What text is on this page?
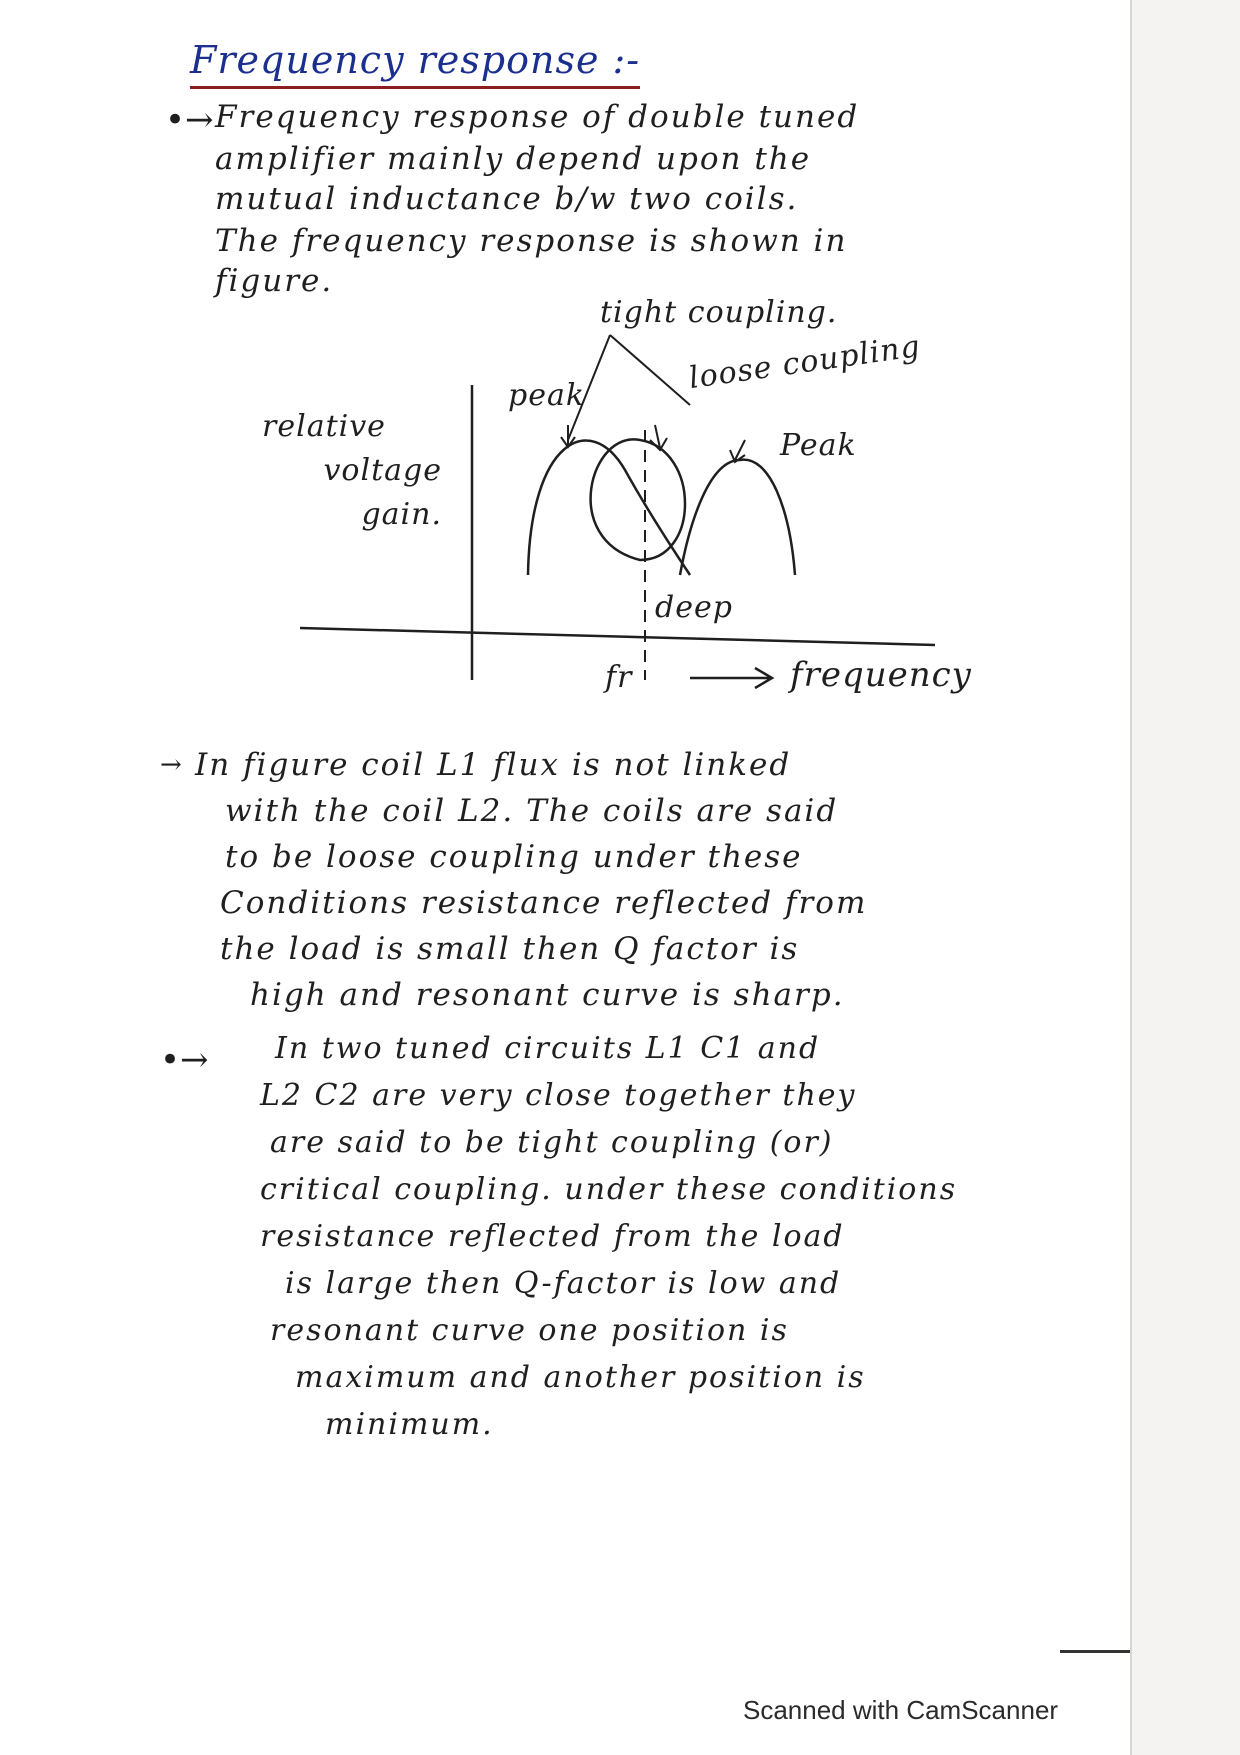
Frequency response :-
•→ Frequency response of double tuned
amplifier mainly depend upon the
mutual inductance b/w two coils.
The frequency response is shown in
figure.
tight coupling.
loose coupling
peak
Peak
relative
voltage
gain.
deep
fr	frequency
→ In figure coil L1 flux is not linked
with the coil L2. The coils are said
to be loose coupling under these
Conditions resistance reflected from
the load is small then Q factor is
high and resonant curve is sharp.
•→	In two tuned circuits L1 C1 and
L2 C2 are very close together they
are said to be tight coupling (or)
critical coupling. under these conditions
resistance reflected from the load
is large then Q-factor is low and
resonant curve one position is
maximum and another position is
minimum.
Scanned with CamScanner
